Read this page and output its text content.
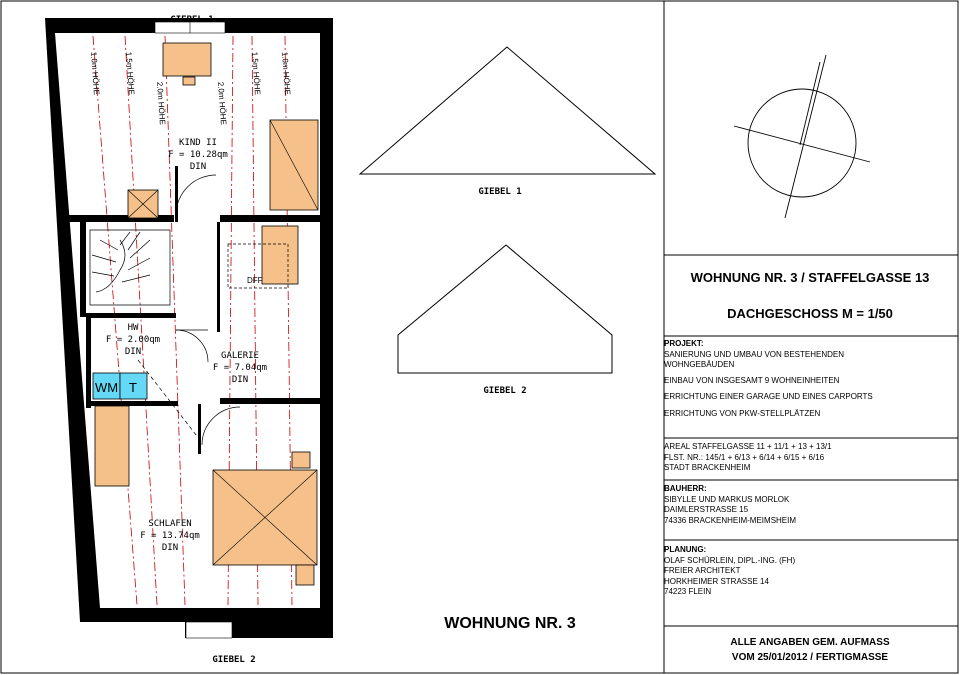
1.0m HÖHE	1.5m HÖHE
2.0m HÖHE	2.0m HÖHE
1.5m HÖHE 1.0m HÖHE
DFF
WM T
KIND II
F = 10.28qm
DIN
HW
F = 2.00qm
DIN	GALERIE
F = 7.04qm
DIN
SCHLAFEN
F = 13.74qm
DIN
GIEBEL 1
GIEBEL 2
GIEBEL 1
GIEBEL 2
WOHNUNG NR. 3
WOHNUNG NR. 3 / STAFFELGASSE 13
DACHGESCHOSS M = 1/50
ALLE ANGABEN GEM. AUFMASS
VOM 25/01/2012 / FERTIGMASSE
PROJEKT:
SANIERUNG UND UMBAU VON BESTEHENDEN
WOHNGEBÄUDEN
EINBAU VON INSGESAMT 9 WOHNEINHEITEN
ERRICHTUNG EINER GARAGE UND EINES CARPORTS
ERRICHTUNG VON PKW-STELLPLÄTZEN
AREAL STAFFELGASSE 11 + 11/1 + 13 + 13/1
FLST. NR.: 145/1 + 6/13 + 6/14 + 6/15 + 6/16
STADT BRACKENHEIM
BAUHERR:
SIBYLLE UND MARKUS MORLOK
DAIMLERSTRASSE 15
74336 BRACKENHEIM-MEIMSHEIM
PLANUNG:
OLAF SCHÜRLEIN, DIPL.-ING. (FH)
FREIER ARCHITEKT
HORKHEIMER STRASSE 14
74223 FLEIN
